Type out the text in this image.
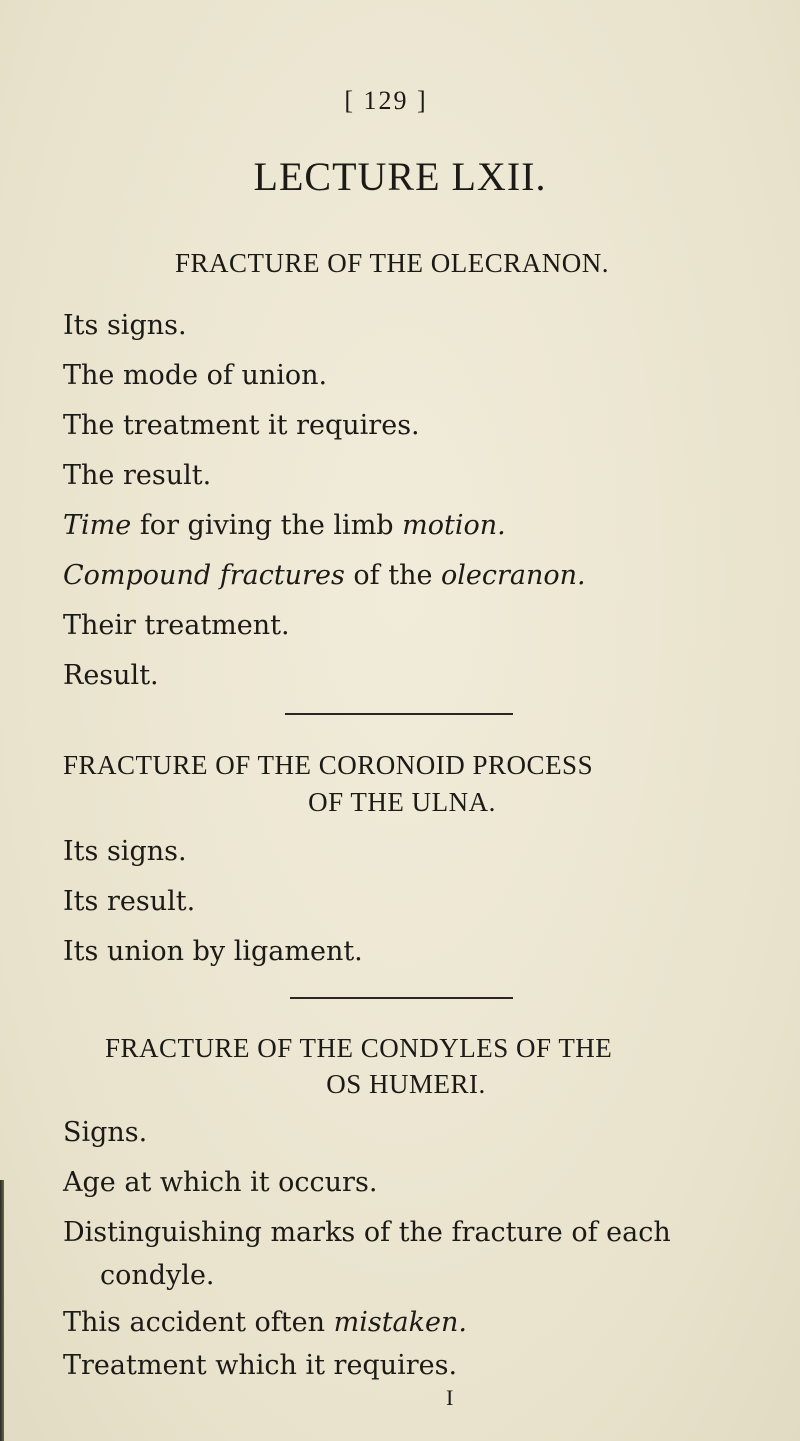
[ 129 ]
LECTURE LXII.
FRACTURE OF THE OLECRANON.
Its signs.
The mode of union.
The treatment it requires.
The result.
Time for giving the limb motion.
Compound fractures of the olecranon.
Their treatment.
Result.
FRACTURE OF THE CORONOID PROCESS
OF THE ULNA.
Its signs.
Its result.
Its union by ligament.
FRACTURE OF THE CONDYLES OF THE
OS HUMERI.
Signs.
Age at which it occurs.
Distinguishing marks of the fracture of each
condyle.
This accident often mistaken.
Treatment which it requires.
I
